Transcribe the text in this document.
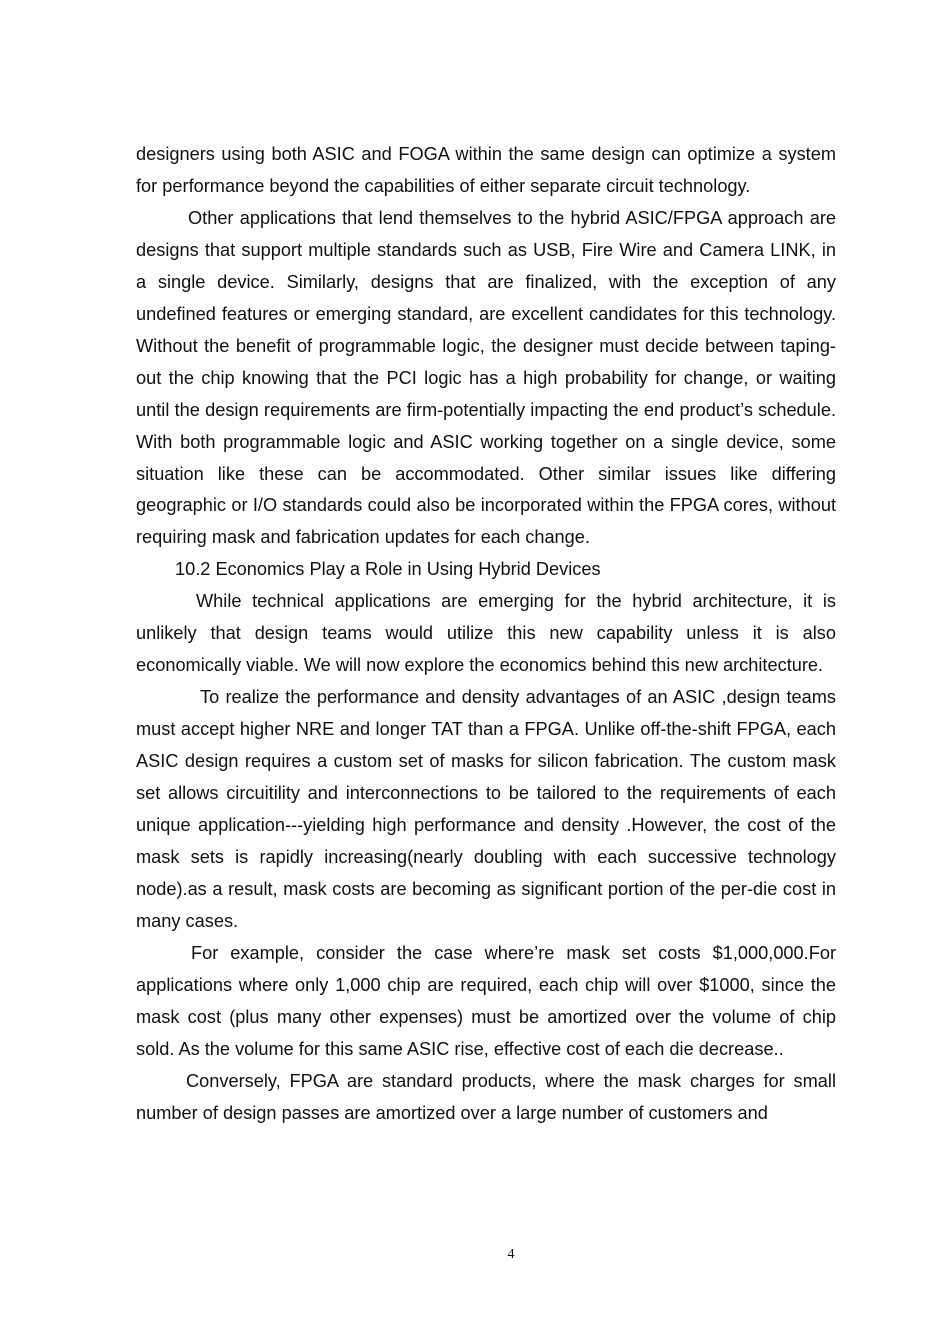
designers using both ASIC and FOGA within the same design can optimize a system for performance beyond the capabilities of either separate circuit technology.

Other applications that lend themselves to the hybrid ASIC/FPGA approach are designs that support multiple standards such as USB, Fire Wire and Camera LINK, in a single device. Similarly, designs that are finalized, with the exception of any undefined features or emerging standard, are excellent candidates for this technology. Without the benefit of programmable logic, the designer must decide between taping-out the chip knowing that the PCI logic has a high probability for change, or waiting until the design requirements are firm-potentially impacting the end product’s schedule. With both programmable logic and ASIC working together on a single device, some situation like these can be accommodated. Other similar issues like differing geographic or I/O standards could also be incorporated within the FPGA cores, without requiring mask and fabrication updates for each change.

10.2 Economics Play a Role in Using Hybrid Devices

While technical applications are emerging for the hybrid architecture, it is unlikely that design teams would utilize this new capability unless it is also economically viable. We will now explore the economics behind this new architecture.

To realize the performance and density advantages of an ASIC ,design teams must accept higher NRE and longer TAT than a FPGA. Unlike off-the-shift FPGA, each ASIC design requires a custom set of masks for silicon fabrication. The custom mask set allows circuitility and interconnections to be tailored to the requirements of each unique application---yielding high performance and density .However, the cost of the mask sets is rapidly increasing(nearly doubling with each successive technology node).as a result, mask costs are becoming as significant portion of the per-die cost in many cases.

For example, consider the case where’re mask set costs $1,000,000.For applications where only 1,000 chip are required, each chip will over $1000, since the mask cost (plus many other expenses) must be amortized over the volume of chip sold. As the volume for this same ASIC rise, effective cost of each die decrease..

Conversely, FPGA are standard products, where the mask charges for small number of design passes are amortized over a large number of customers and

4
